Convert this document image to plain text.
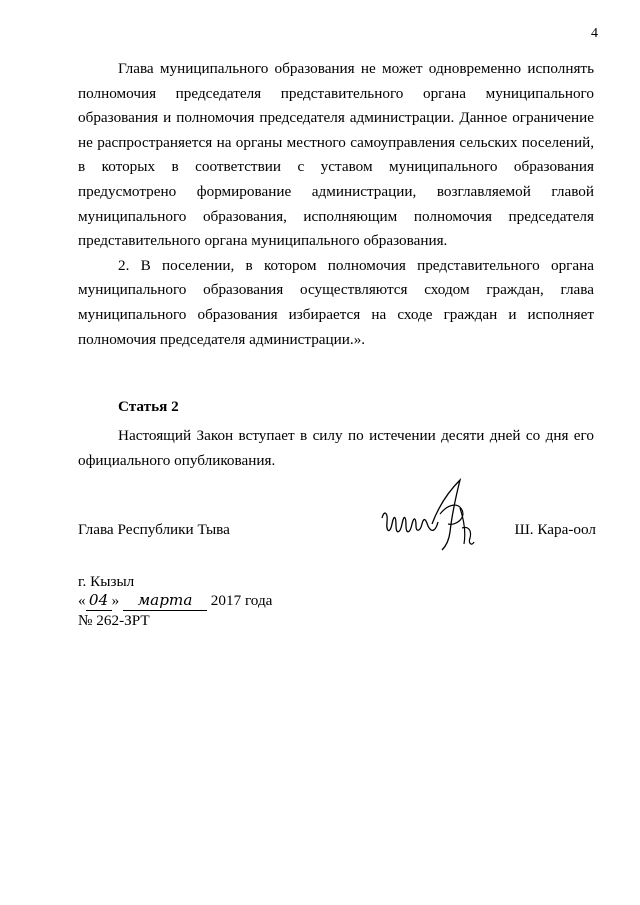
4

Глава муниципального образования не может одновременно исполнять полномочия председателя представительного органа муниципального образования и полномочия председателя администрации. Данное ограничение не распространяется на органы местного самоуправления сельских поселений, в которых в соответствии с уставом муниципального образования предусмотрено формирование администрации, возглавляемой главой муниципального образования, исполняющим полномочия председателя представительного органа муниципального образования.

2. В поселении, в котором полномочия представительного органа муниципального образования осуществляются сходом граждан, глава муниципального образования избирается на сходе граждан и исполняет полномочия председателя администрации.».

Статья 2

Настоящий Закон вступает в силу по истечении десяти дней со дня его официального опубликования.

Глава Республики Тыва	Ш. Кара-оол
г. Кызыл
« 04 » марта 2017 года
№ 262-ЗРТ
